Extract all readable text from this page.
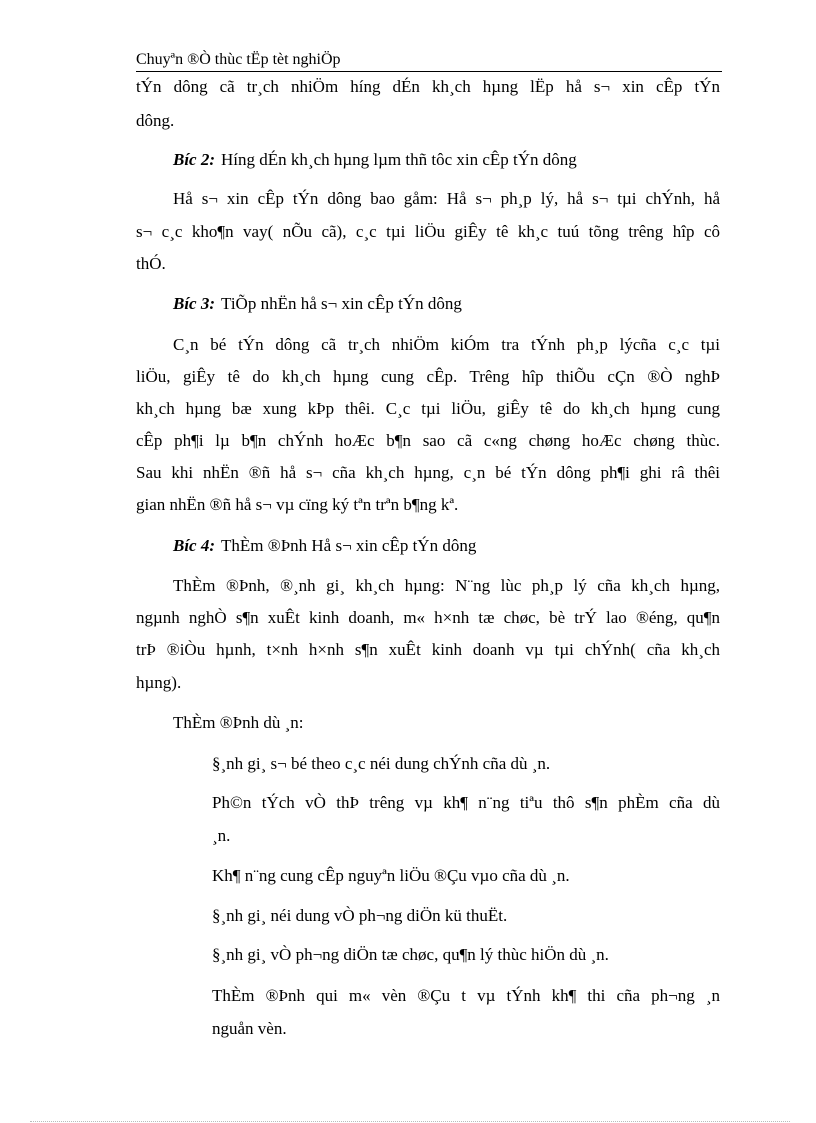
Chuyªn ®Ò thùc tËp tèt nghiÖp
tÝn dông cã tr¸ch nhiÖm híng dÉn kh¸ch hµng lËp hå s¬ xin cÊp tÝn
dông.
Bíc 2: Híng dÉn kh¸ch hµng lµm thñ tôc xin cÊp tÝn dông
Hå s¬ xin cÊp tÝn dông bao gåm: Hå s¬ ph¸p lý, hå s¬ tµi chÝnh, hå
s¬ c¸c kho¶n vay( nÕu cã), c¸c tµi liÖu giÊy tê kh¸c tuú tõng trêng hîp cô
thÓ.
Bíc 3: TiÕp nhËn hå s¬ xin cÊp tÝn dông
C¸n bé tÝn dông cã tr¸ch nhiÖm kiÓm tra tÝnh ph¸p lýcña c¸c tµi
liÖu, giÊy tê do kh¸ch hµng cung cÊp. Trêng hîp thiÕu cÇn ®Ò nghÞ
kh¸ch hµng bæ xung kÞp thêi. C¸c tµi liÖu, giÊy tê do kh¸ch hµng cung
cÊp ph¶i lµ b¶n chÝnh hoÆc b¶n sao cã c«ng chøng hoÆc chøng thùc.
Sau khi nhËn ®ñ hå s¬ cña kh¸ch hµng, c¸n bé tÝn dông ph¶i ghi râ thêi
gian nhËn ®ñ hå s¬ vµ cïng ký tªn trªn b¶ng kª.
Bíc 4: ThÈm ®Þnh Hå s¬ xin cÊp tÝn dông
ThÈm ®Þnh, ®¸nh gi¸ kh¸ch hµng: N¨ng lùc ph¸p lý cña kh¸ch hµng,
ngµnh nghÒ s¶n xuÊt kinh doanh, m« h×nh tæ chøc, bè trÝ lao ®éng, qu¶n
trÞ ®iÒu hµnh, t×nh h×nh s¶n xuÊt kinh doanh vµ tµi chÝnh( cña kh¸ch
hµng).
ThÈm ®Þnh dù ¸n:
§¸nh gi¸ s¬ bé theo c¸c néi dung chÝnh cña dù ¸n.
Ph©n tÝch vÒ thÞ trêng vµ kh¶ n¨ng tiªu thô s¶n phÈm cña dù
¸n.
Kh¶ n¨ng cung cÊp nguyªn liÖu ®Çu vµo cña dù ¸n.
§¸nh gi¸ néi dung vÒ ph¬ng diÖn kü thuËt.
§¸nh gi¸ vÒ ph¬ng diÖn tæ chøc, qu¶n lý thùc hiÖn dù ¸n.
ThÈm ®Þnh qui m« vèn ®Çu t vµ tÝnh kh¶ thi cña ph¬ng ¸n
nguån vèn.
